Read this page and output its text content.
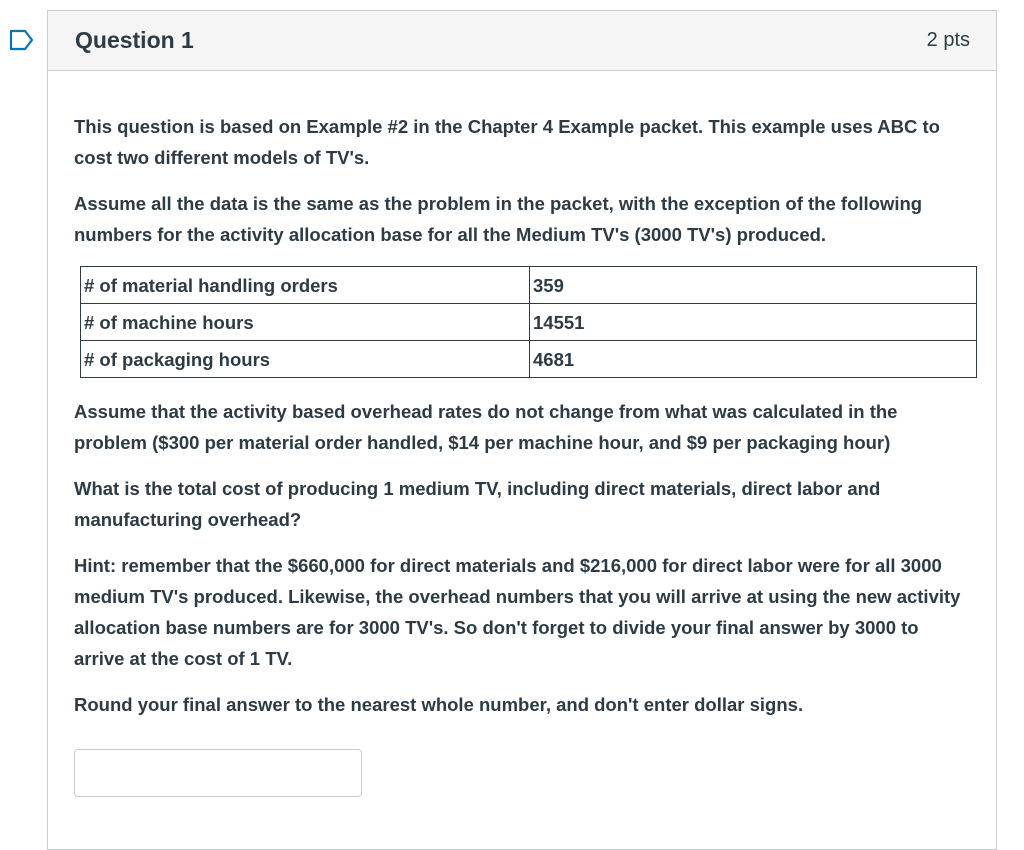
Question 1	2 pts

This question is based on Example #2 in the Chapter 4 Example packet. This example uses ABC to cost two different models of TV's.

Assume all the data is the same as the problem in the packet, with the exception of the following numbers for the activity allocation base for all the Medium TV's (3000 TV's) produced.

# of material handling orders	359
# of machine hours	14551
# of packaging hours	4681

Assume that the activity based overhead rates do not change from what was calculated in the problem ($300 per material order handled, $14 per machine hour, and $9 per packaging hour)

What is the total cost of producing 1 medium TV, including direct materials, direct labor and manufacturing overhead?

Hint: remember that the $660,000 for direct materials and $216,000 for direct labor were for all 3000 medium TV's produced. Likewise, the overhead numbers that you will arrive at using the new activity allocation base numbers are for 3000 TV's. So don't forget to divide your final answer by 3000 to arrive at the cost of 1 TV.

Round your final answer to the nearest whole number, and don't enter dollar signs.
